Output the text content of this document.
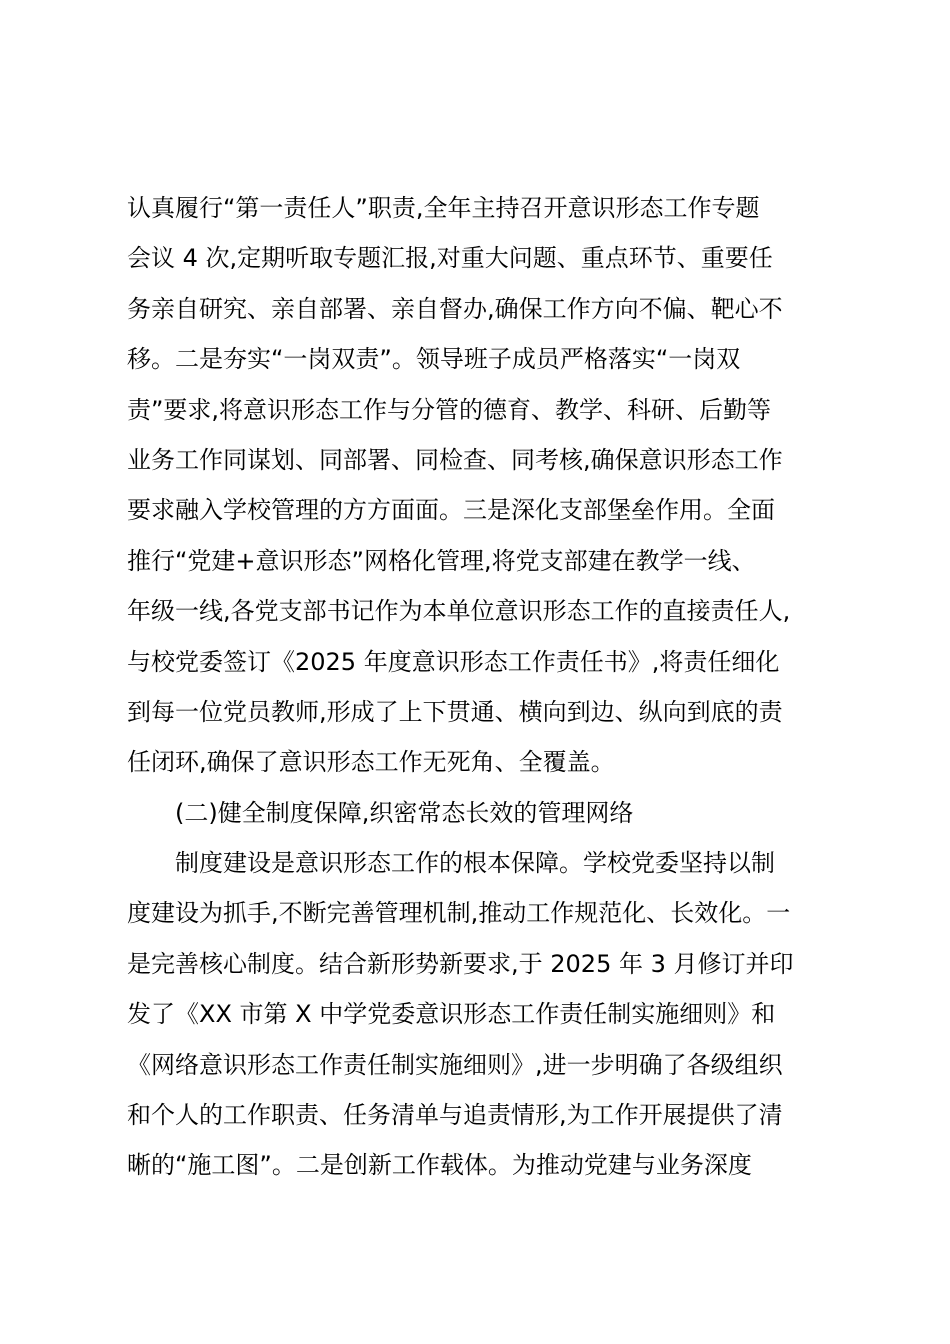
认真履行“第一责任人”职责,全年主持召开意识形态工作专题
会议 4 次,定期听取专题汇报,对重大问题、重点环节、重要任
务亲自研究、亲自部署、亲自督办,确保工作方向不偏、靶心不
移。二是夯实“一岗双责”。领导班子成员严格落实“一岗双
责”要求,将意识形态工作与分管的德育、教学、科研、后勤等
业务工作同谋划、同部署、同检查、同考核,确保意识形态工作
要求融入学校管理的方方面面。三是深化支部堡垒作用。全面
推行“党建+意识形态”网格化管理,将党支部建在教学一线、
年级一线,各党支部书记作为本单位意识形态工作的直接责任人,
与校党委签订《2025 年度意识形态工作责任书》,将责任细化
到每一位党员教师,形成了上下贯通、横向到边、纵向到底的责
任闭环,确保了意识形态工作无死角、全覆盖。
(二)健全制度保障,织密常态长效的管理网络
制度建设是意识形态工作的根本保障。学校党委坚持以制
度建设为抓手,不断完善管理机制,推动工作规范化、长效化。一
是完善核心制度。结合新形势新要求,于 2025 年 3 月修订并印
发了《XX 市第 X 中学党委意识形态工作责任制实施细则》和
《网络意识形态工作责任制实施细则》,进一步明确了各级组织
和个人的工作职责、任务清单与追责情形,为工作开展提供了清
晰的“施工图”。二是创新工作载体。为推动党建与业务深度
